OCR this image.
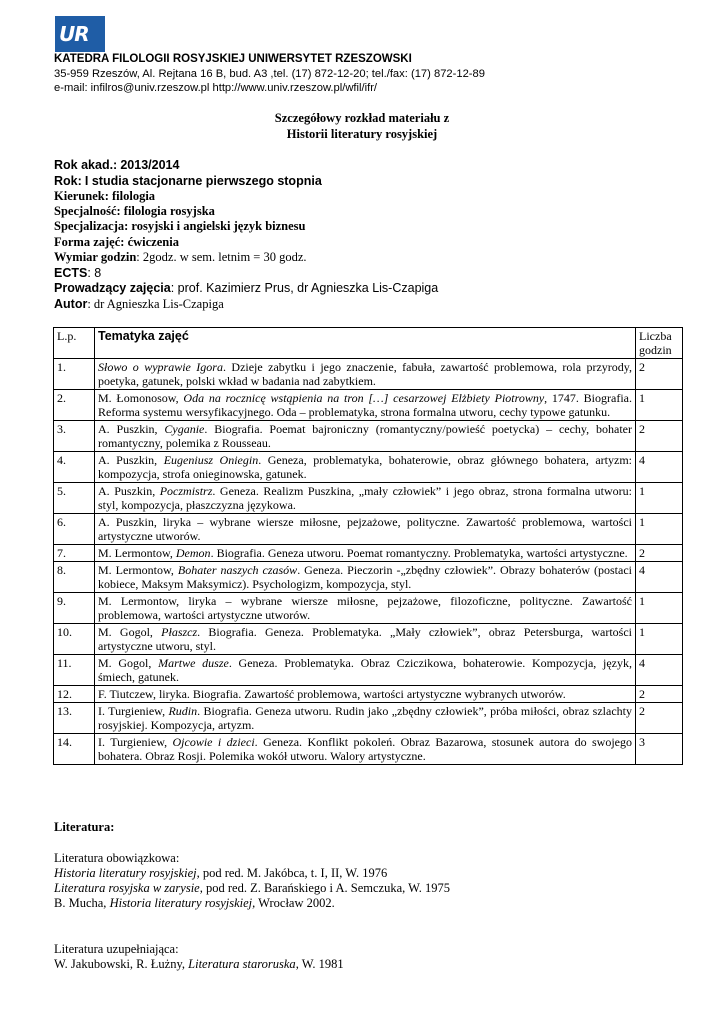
UR
KATEDRA FILOLOGII ROSYJSKIEJ UNIWERSYTET RZESZOWSKI
35-959 Rzeszów, Al. Rejtana 16 B, bud. A3 ,tel. (17) 872-12-20; tel./fax: (17) 872-12-89
e-mail: infilros@univ.rzeszow.pl http://www.univ.rzeszow.pl/wfil/ifr/
Szczegółowy rozkład materiału z
Historii literatury rosyjskiej
Rok akad.: 2013/2014
Rok: I studia stacjonarne pierwszego stopnia
Kierunek: filologia
Specjalność: filologia rosyjska
Specjalizacja: rosyjski i angielski język biznesu
Forma zajęć: ćwiczenia
Wymiar godzin: 2godz. w sem. letnim = 30 godz.
ECTS: 8
Prowadzący zajęcia: prof. Kazimierz Prus, dr Agnieszka Lis-Czapiga
Autor: dr Agnieszka Lis-Czapiga
L.p.	Tematyka zajęć	Liczba
godzin
1.	Słowo o wyprawie Igora. Dzieje zabytku i jego znaczenie, fabuła, zawartość problemowa, rola przyrody, poetyka, gatunek, polski wkład w badania nad zabytkiem.	2
2.	M. Łomonosow, Oda na rocznicę wstąpienia na tron […] cesarzowej Elżbiety Piotrowny, 1747. Biografia. Reforma systemu wersyfikacyjnego. Oda – problematyka, strona formalna utworu, cechy typowe gatunku.	1
3.	A. Puszkin, Cyganie. Biografia. Poemat bajroniczny (romantyczny/powieść poetycka) – cechy, bohater romantyczny, polemika z Rousseau.	2
4.	A. Puszkin, Eugeniusz Oniegin. Geneza, problematyka, bohaterowie, obraz głównego bohatera, artyzm: kompozycja, strofa onieginowska, gatunek.	4
5.	A. Puszkin, Poczmistrz. Geneza. Realizm Puszkina, „mały człowiek” i jego obraz, strona formalna utworu: styl, kompozycja, płaszczyzna językowa.	1
6.	A. Puszkin, liryka – wybrane wiersze miłosne, pejzażowe, polityczne. Zawartość problemowa, wartości artystyczne utworów.	1
7.	M. Lermontow, Demon. Biografia. Geneza utworu. Poemat romantyczny. Problematyka, wartości artystyczne.	2
8.	M. Lermontow, Bohater naszych czasów. Geneza. Pieczorin -„zbędny człowiek”. Obrazy bohaterów (postaci kobiece, Maksym Maksymicz). Psychologizm, kompozycja, styl.	4
9.	M. Lermontow, liryka – wybrane wiersze miłosne, pejzażowe, filozoficzne, polityczne. Zawartość problemowa, wartości artystyczne utworów.	1
10.	M. Gogol, Płaszcz. Biografia. Geneza. Problematyka. „Mały człowiek”, obraz Petersburga, wartości artystyczne utworu, styl.	1
11.	M. Gogol, Martwe dusze. Geneza. Problematyka. Obraz Cziczikowa, bohaterowie. Kompozycja, język, śmiech, gatunek.	4
12.	F. Tiutczew, liryka. Biografia. Zawartość problemowa, wartości artystyczne wybranych utworów.	2
13.	I. Turgieniew, Rudin. Biografia. Geneza utworu. Rudin jako „zbędny człowiek”, próba miłości, obraz szlachty rosyjskiej. Kompozycja, artyzm.	2
14.	I. Turgieniew, Ojcowie i dzieci. Geneza. Konflikt pokoleń. Obraz Bazarowa, stosunek autora do swojego bohatera. Obraz Rosji. Polemika wokół utworu. Walory artystyczne.	3
Literatura:
Literatura obowiązkowa:
Historia literatury rosyjskiej, pod red. M. Jakóbca, t. I, II, W. 1976
Literatura rosyjska w zarysie, pod red. Z. Barańskiego i A. Semczuka, W. 1975
B. Mucha, Historia literatury rosyjskiej, Wrocław 2002.
Literatura uzupełniająca:
W. Jakubowski, R. Łużny, Literatura staroruska, W. 1981
